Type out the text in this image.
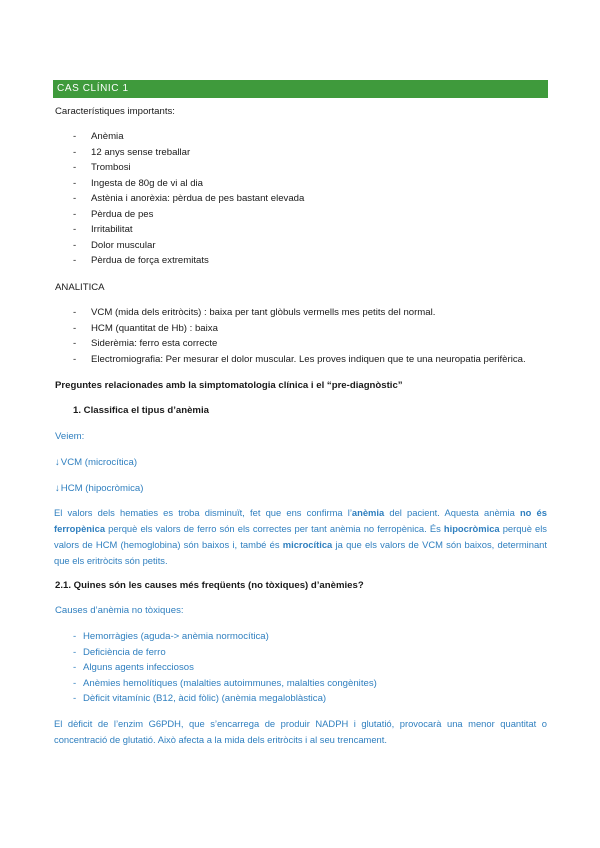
CAS CLÍNIC 1
Característiques importants:
- Anèmia
- 12 anys sense treballar
- Trombosi
- Ingesta de 80g de vi al dia
- Astènia i anorèxia: pèrdua de pes bastant elevada
- Pèrdua de pes
- Irritabilitat
- Dolor muscular
- Pèrdua de força extremitats
ANALITICA
- VCM (mida dels eritròcits) : baixa per tant glòbuls vermells mes petits del normal.
- HCM (quantitat de Hb) : baixa
- Siderèmia: ferro esta correcte
- Electromiografia: Per mesurar el dolor muscular. Les proves indiquen que te una neuropatia perifèrica.
Preguntes relacionades amb la simptomatologia clínica i el “pre-diagnòstic”
1. Classifica el tipus d’anèmia
Veiem:
↓VCM (microcítica)
↓HCM (hipocròmica)
El valors dels hematies es troba disminuït, fet que ens confirma l’anèmia del pacient. Aquesta anèmia no és ferropènica perquè els valors de ferro són els correctes per tant anèmia no ferropènica. És hipocròmica perquè els valors de HCM (hemoglobina) són baixos i, també és microcítica ja que els valors de VCM són baixos, determinant que els eritròcits són petits.
2.1. Quines són les causes més freqüents (no tòxiques) d’anèmies?
Causes d’anèmia no tòxiques:
- Hemorràgies (aguda-> anèmia normocítica)
- Deficiència de ferro
- Alguns agents infecciosos
- Anèmies hemolítiques (malalties autoimmunes, malalties congènites)
- Dèficit vitamínic (B12, àcid fòlic) (anèmia megaloblàstica)
El dèficit de l’enzim G6PDH, que s’encarrega de produir NADPH i glutatió, provocarà una menor quantitat o concentració de glutatió. Això afecta a la mida dels eritròcits i al seu trencament.
